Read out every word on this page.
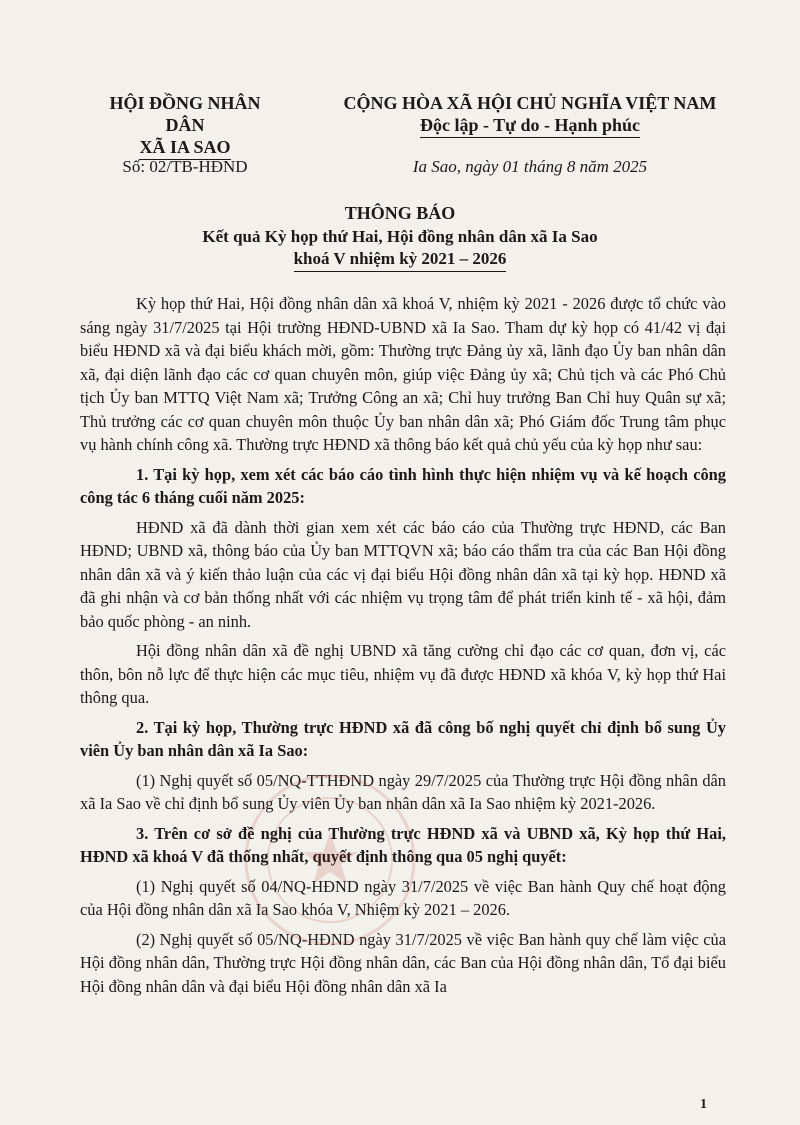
HỘI ĐỒNG NHÂN DÂN
XÃ IA SAO
CỘNG HÒA XÃ HỘI CHỦ NGHĨA VIỆT NAM
Độc lập - Tự do - Hạnh phúc
Số: 02/TB-HĐND	Ia Sao, ngày 01 tháng 8 năm 2025
THÔNG BÁO
Kết quả Kỳ họp thứ Hai, Hội đồng nhân dân xã Ia Sao
khoá V nhiệm kỳ 2021 – 2026

Kỳ họp thứ Hai, Hội đồng nhân dân xã khoá V, nhiệm kỳ 2021 - 2026 được tổ chức vào sáng ngày 31/7/2025 tại Hội trường HĐND-UBND xã Ia Sao. Tham dự kỳ họp có 41/42 vị đại biểu HĐND xã và đại biểu khách mời, gồm: Thường trực Đảng ủy xã, lãnh đạo Ủy ban nhân dân xã, đại diện lãnh đạo các cơ quan chuyên môn, giúp việc Đảng ủy xã; Chủ tịch và các Phó Chủ tịch Ủy ban MTTQ Việt Nam xã; Trưởng Công an xã; Chỉ huy trưởng Ban Chỉ huy Quân sự xã; Thủ trưởng các cơ quan chuyên môn thuộc Ủy ban nhân dân xã; Phó Giám đốc Trung tâm phục vụ hành chính công xã. Thường trực HĐND xã thông báo kết quả chủ yếu của kỳ họp như sau:

1. Tại kỳ họp, xem xét các báo cáo tình hình thực hiện nhiệm vụ và kế hoạch công công tác 6 tháng cuối năm 2025:

HĐND xã đã dành thời gian xem xét các báo cáo của Thường trực HĐND, các Ban HĐND; UBND xã, thông báo của Ủy ban MTTQVN xã; báo cáo thẩm tra của các Ban Hội đồng nhân dân xã và ý kiến thảo luận của các vị đại biểu Hội đồng nhân dân xã tại kỳ họp. HĐND xã đã ghi nhận và cơ bản thống nhất với các nhiệm vụ trọng tâm để phát triển kinh tế - xã hội, đảm bảo quốc phòng - an ninh.

Hội đồng nhân dân xã đề nghị UBND xã tăng cường chỉ đạo các cơ quan, đơn vị, các thôn, bôn nỗ lực để thực hiện các mục tiêu, nhiệm vụ đã được HĐND xã khóa V, kỳ họp thứ Hai thông qua.

2. Tại kỳ họp, Thường trực HĐND xã đã công bố nghị quyết chỉ định bổ sung Ủy viên Ủy ban nhân dân xã Ia Sao:

(1) Nghị quyết số 05/NQ-TTHĐND ngày 29/7/2025 của Thường trực Hội đồng nhân dân xã Ia Sao về chỉ định bổ sung Ủy viên Ủy ban nhân dân xã Ia Sao nhiệm kỳ 2021-2026.

3. Trên cơ sở đề nghị của Thường trực HĐND xã và UBND xã, Kỳ họp thứ Hai, HĐND xã khoá V đã thống nhất, quyết định thông qua 05 nghị quyết:

(1) Nghị quyết số 04/NQ-HĐND ngày 31/7/2025 về việc Ban hành Quy chế hoạt động của Hội đồng nhân dân xã Ia Sao khóa V, Nhiệm kỳ 2021 – 2026.

(2) Nghị quyết số 05/NQ-HĐND ngày 31/7/2025 về việc Ban hành quy chế làm việc của Hội đồng nhân dân, Thường trực Hội đồng nhân dân, các Ban của Hội đồng nhân dân, Tổ đại biểu Hội đồng nhân dân và đại biểu Hội đồng nhân dân xã Ia

1
